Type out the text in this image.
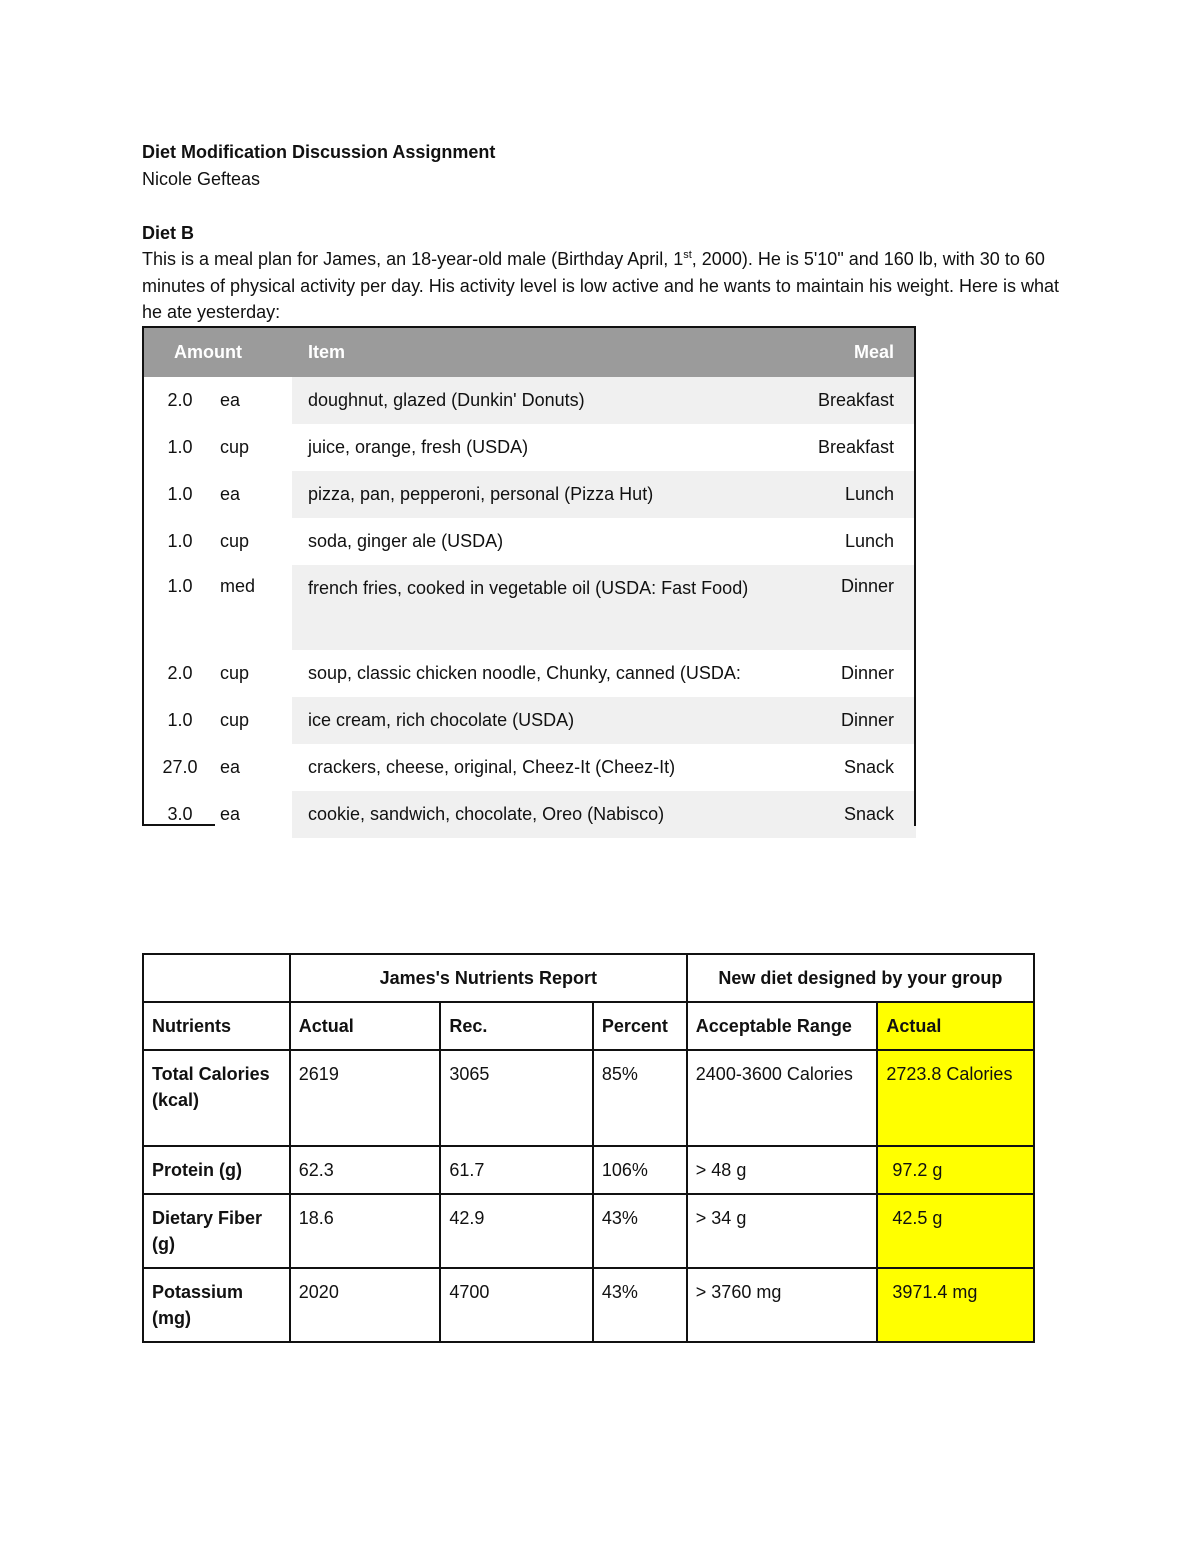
Diet Modification Discussion Assignment
Nicole Gefteas
Diet B
This is a meal plan for James, an 18-year-old male (Birthday April, 1st, 2000). He is 5'10" and 160 lb, with 30 to 60 minutes of physical activity per day. His activity level is low active and he wants to maintain his weight. Here is what he ate yesterday:
Amount		Item	Meal
2.0	ea	doughnut, glazed (Dunkin' Donuts)	Breakfast
1.0	cup	juice, orange, fresh (USDA)	Breakfast
1.0	ea	pizza, pan, pepperoni, personal (Pizza Hut)	Lunch
1.0	cup	soda, ginger ale (USDA)	Lunch
1.0	med	french fries, cooked in vegetable oil (USDA: Fast Food)	Dinner
2.0	cup	soup, classic chicken noodle, Chunky, canned (USDA:	Dinner
1.0	cup	ice cream, rich chocolate (USDA)	Dinner
27.0	ea	crackers, cheese, original, Cheez-It (Cheez-It)	Snack
3.0	ea	cookie, sandwich, chocolate, Oreo (Nabisco)	Snack
	James's Nutrients Report			New diet designed by your group	
Nutrients	Actual	Rec.	Percent	Acceptable Range	Actual
Total Calories (kcal)	2619	3065	85%	2400-3600 Calories	2723.8 Calories
Protein (g)	62.3	61.7	106%	> 48 g	97.2 g
Dietary Fiber (g)	18.6	42.9	43%	> 34 g	42.5 g
Potassium (mg)	2020	4700	43%	> 3760 mg	3971.4 mg
